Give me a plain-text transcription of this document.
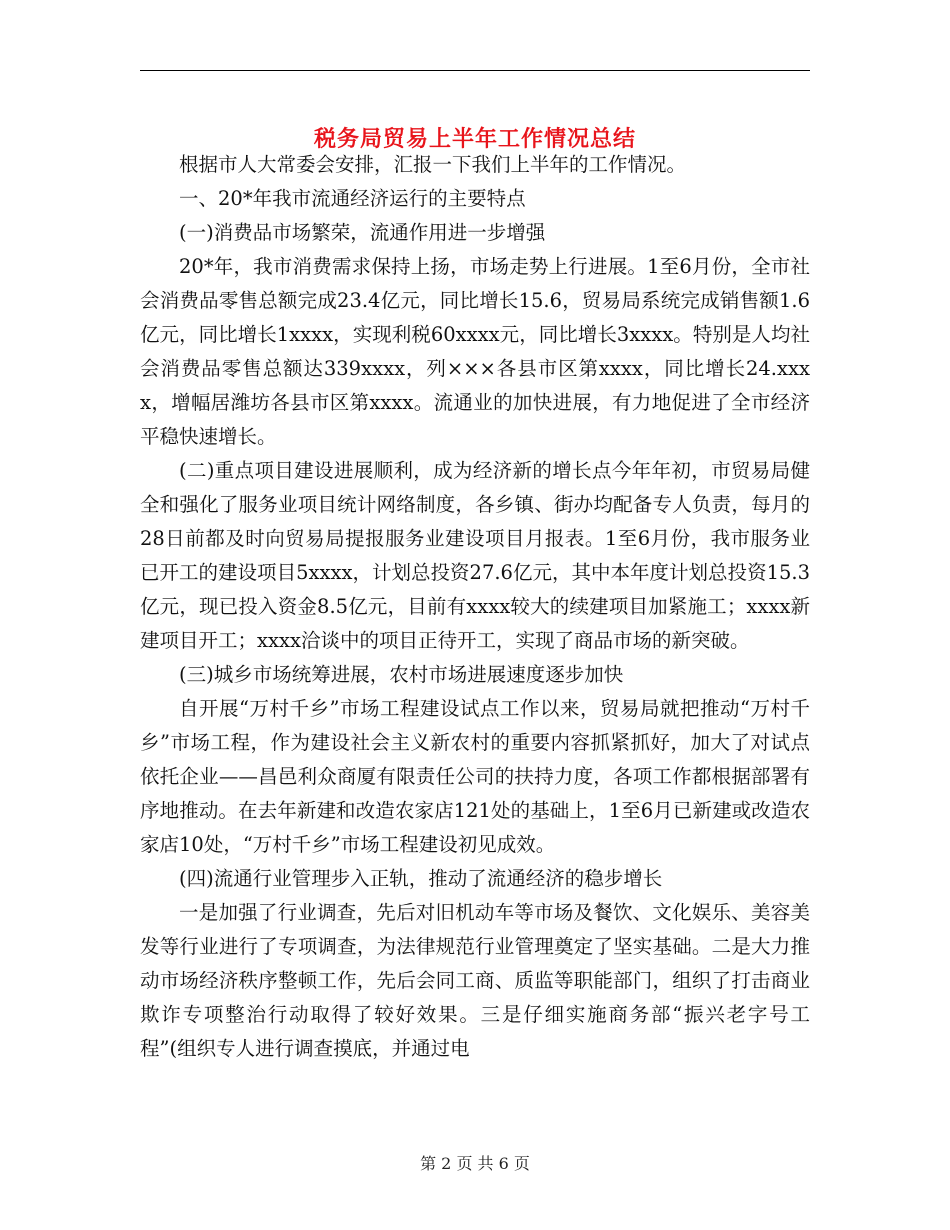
税务局贸易上半年工作情况总结

根据市人大常委会安排，汇报一下我们上半年的工作情况。

一、20*年我市流通经济运行的主要特点

(一)消费品市场繁荣，流通作用进一步增强

20*年，我市消费需求保持上扬，市场走势上行进展。1至6月份，全市社会消费品零售总额完成23.4亿元，同比增长15.6，贸易局系统完成销售额1.6亿元，同比增长1xxxx，实现利税60xxxx元，同比增长3xxxx。特别是人均社会消费品零售总额达339xxxx，列×××各县市区第xxxx，同比增长24.xxxx，增幅居潍坊各县市区第xxxx。流通业的加快进展，有力地促进了全市经济平稳快速增长。

(二)重点项目建设进展顺利，成为经济新的增长点今年年初，市贸易局健全和强化了服务业项目统计网络制度，各乡镇、街办均配备专人负责，每月的28日前都及时向贸易局提报服务业建设项目月报表。1至6月份，我市服务业已开工的建设项目5xxxx，计划总投资27.6亿元，其中本年度计划总投资15.3亿元，现已投入资金8.5亿元，目前有xxxx较大的续建项目加紧施工；xxxx新建项目开工；xxxx洽谈中的项目正待开工，实现了商品市场的新突破。

(三)城乡市场统筹进展，农村市场进展速度逐步加快

自开展“万村千乡”市场工程建设试点工作以来，贸易局就把推动“万村千乡”市场工程，作为建设社会主义新农村的重要内容抓紧抓好，加大了对试点依托企业——昌邑利众商厦有限责任公司的扶持力度，各项工作都根据部署有序地推动。在去年新建和改造农家店121处的基础上，1至6月已新建或改造农家店10处，“万村千乡”市场工程建设初见成效。

(四)流通行业管理步入正轨，推动了流通经济的稳步增长

一是加强了行业调查，先后对旧机动车等市场及餐饮、文化娱乐、美容美发等行业进行了专项调查，为法律规范行业管理奠定了坚实基础。二是大力推动市场经济秩序整顿工作，先后会同工商、质监等职能部门，组织了打击商业欺诈专项整治行动取得了较好效果。三是仔细实施商务部“振兴老字号工程”(组织专人进行调查摸底，并通过电

第 2 页 共 6 页
